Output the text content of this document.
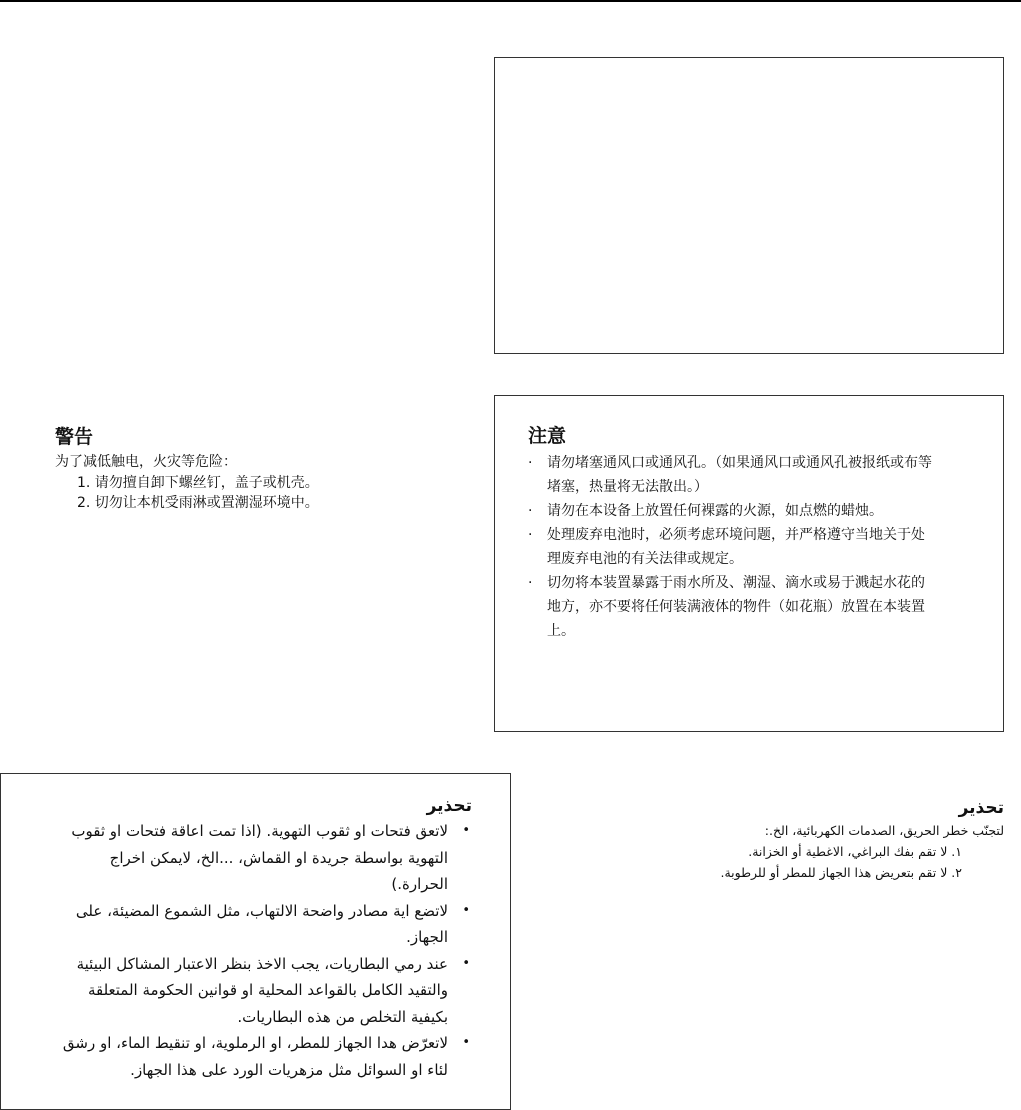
警告
为了减低触电，火灾等危险：
1. 请勿擅自卸下螺丝钉，盖子或机壳。
2. 切勿让本机受雨淋或置潮湿环境中。
注意
· 请勿堵塞通风口或通风孔。（如果通风口或通风孔被报纸或布等堵塞，热量将无法散出。）
· 请勿在本设备上放置任何裸露的火源，如点燃的蜡烛。
· 处理废弃电池时，必须考虑环境问题，并严格遵守当地关于处理废弃电池的有关法律或规定。
· 切勿将本装置暴露于雨水所及、潮湿、滴水或易于溅起水花的地方，亦不要将任何装满液体的物件（如花瓶）放置在本装置上。
تحذير
•
لاتعق فتحات او ثقوب التهوية. (اذا تمت اعاقة فتحات او ثقوب التهوية بواسطة جريدة او القماش، ...الخ، لايمكن اخراج الحرارة.)
•
لاتضع اية مصادر واضحة الالتهاب، مثل الشموع المضيئة، على الجهاز.
•
عند رمي البطاريات، يجب الاخذ بنظر الاعتبار المشاكل البيئية والتقيد الكامل بالقواعد المحلية او قوانين الحكومة المتعلقة بكيفية التخلص من هذه البطاريات.
•
لاتعرّض هدا الجهاز للمطر، او الرملوية، او تنقيط الماء، او رشق لئاء او السوائل مثل مزهريات الورد على هذا الجهاز.
تحذير
لتجنّب خطر الحريق، الصدمات الكهربائية، الخ.:
١. لا تقم بفك البراغي، الاغطية أو الخزانة.
٢. لا تقم بتعريض هذا الجهاز للمطر أو للرطوبة.
